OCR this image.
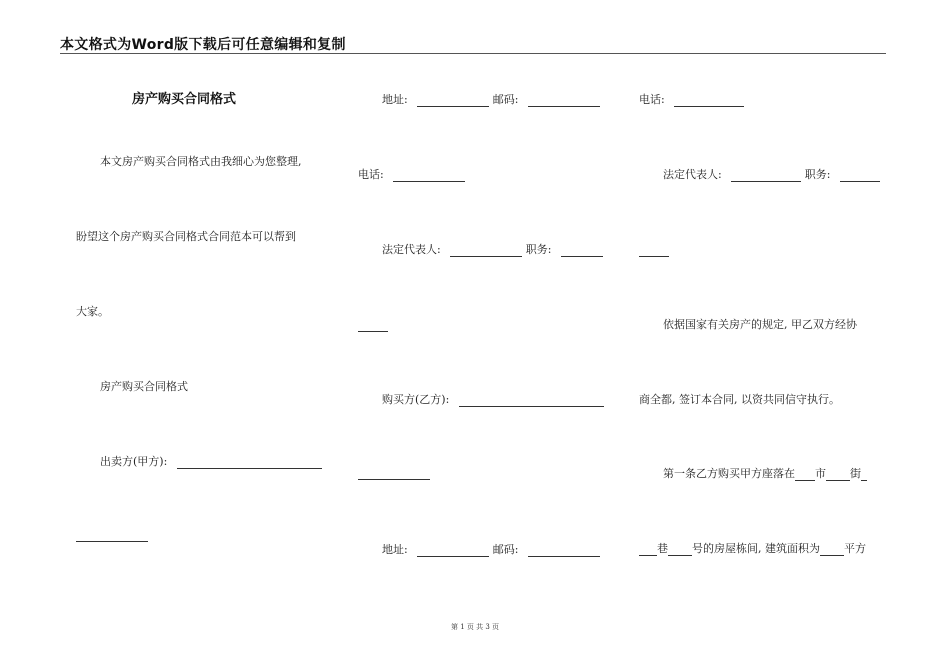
本文格式为Word版下载后可任意编辑和复制
房产购买合同格式
本文房产购买合同格式由我细心为您整理,
盼望这个房产购买合同格式合同范本可以帮到
大家。
房产购买合同格式
出卖方(甲方):
地址:	邮码:
电话:
法定代表人:	职务:
购买方(乙方):
地址:	邮码:
电话:
法定代表人:	职务:
依据国家有关房产的规定, 甲乙双方经协
商全都, 签订本合同, 以资共同信守执行。
第一条乙方购买甲方座落在 市 街
巷 号的房屋栋间, 建筑面积为 平方
第 1 页 共 3 页
